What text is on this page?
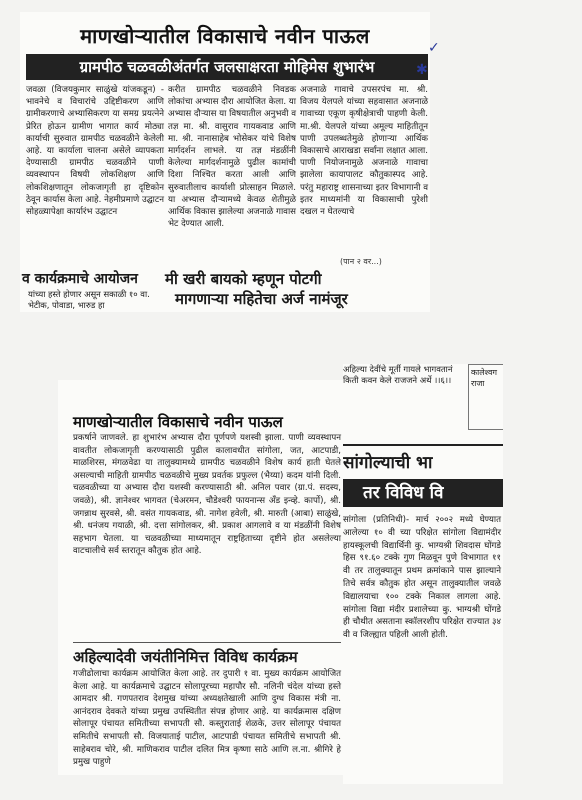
माणखोऱ्यातील विकासाचे नवीन पाऊल
ग्रामपीठ चळवळीअंतर्गत जलसाक्षरता मोहिमेस शुभारंभ
जवळा (विजयकुमार साळुंखे यांजकडून) - भावनेचे व विचारांचे उद्दिष्टीकरण आणि ग्रामीकरणाचे अभ्यासिकरण या समग्र प्रयत्नेने प्रेरित होऊन ग्रामीण भागात कार्य मोठ्या कार्याची सुरुवात ग्रामपीठ चळवळीने केलेली आहे. या कार्याला चालना असेले व्यापकता देण्यासाठी ग्रामपीठ चळवळीने पाणी व्यवस्थापन विषयी लोकशिक्षण आणि लोकशिक्षणातून लोकजागृती हा दृष्टिकोन ठेवून कार्यास केला आहे. नेहमीप्रमाणे उद्घाटन सोहळ्यापेक्षा कार्यारंभ उद्घाटन
करीत ग्रामपीठ चळवळीने निवडक लोकांचा अभ्यास दौरा आयोजित केला. या अभ्यास दौऱ्यास या विषयातील अनुभवी व तज्ञ मा. श्री. वासुराव गायकवाड आणि मा. श्री. नानासाहेब भोसेकर यांचे विशेष मार्गदर्शन लाभले. या तज्ञ मंडळींनी केलेल्या मार्गदर्शनामुळे पुढील कामांची दिशा निश्चित करता आली आणि सुरुवातीलाच कार्याशी प्रोत्साहन मिळाले. या अभ्यास दौऱ्यामध्ये केवळ शेतीमुळे आर्थिक विकास झालेल्या अजनाळे गावास भेट देण्यात आली.
अजनाळे गावाचे उपसरपंच मा. श्री. विजय येलपले यांच्या सहवासात अजनाळे गावाच्या एकूण कृषीक्षेत्राची पाहणी केली. मा.श्री. येलपले यांच्या अमूल्य माहितीतून पाणी उपलब्धतेमुळे होणाऱ्या आर्थिक विकासाचे आराखडा सर्वांना लक्षात आला. पाणी नियोजनामुळे अजनाळे गावाचा झालेला कायापालट कौतुकास्पद आहे. परंतु महाराष्ट्र शासनाच्या इतर विभागानी व इतर माध्यमांनी या विकासाची पुरेशी दखल न घेतल्याचे
(पान २ वर...)
व कार्यक्रमाचे आयोजन
यांच्या हस्ते होणार असून सकाळी १० वा. भेटीक, पोवाडा, भारुड हा
मी खरी बायको म्हणून पोटगी
मागणाऱ्या महितेचा अर्ज नामंजूर
✓
✱
माणखोऱ्यातील विकासाचे नवीन पाऊल
प्रकर्षाने जाणवले. हा शुभारंभ अभ्यास दौरा पूर्णपणे यशस्वी झाला. पाणी व्यवस्थापन वावतीत लोकजागृती करण्यासाठी पुढील कालावधीत सांगोला, जत, आटपाडी, माळशिरस, मंगळवेढा या तालुक्यामध्ये ग्रामपीठ चळवळीने विशेष कार्य हाती घेतले असल्याची माहिती ग्रामपीठ चळवळीचे मुख्य प्रवर्तक प्रफुल्ल (भैय्या) कदम यांनी दिली. चळवळीच्या या अभ्यास दौरा यशस्वी करण्यासाठी श्री. अनिल पवार (ग्रा.पं. सदस्य, जवळे), श्री. ज्ञानेश्वर भागवत (चेअरमन, चौडेश्वरी फायनान्स अँड इन्व्हे. कार्पो), श्री. जगन्नाथ सुरवसे, श्री. वसंत गायकवाड, श्री. नागेश हवेली, श्री. मारुती (आबा) साळुंखे, श्री. धनंजय गयाळी, श्री. दत्ता सांगोलकर, श्री. प्रकाश आगलावे व या मंडळींनी विशेष सहभाग घेतला. या चळवळीच्या माध्यमातून राष्ट्रहिताच्या दृष्टीने होत असलेल्या वाटचालीचे सर्व स्तरातून कौतुक होत आहे.
अहिल्यादेवी जयंतीनिमित्त विविध कार्यक्रम
गजीढोलाचा कार्यक्रम आयोजित केला आहे. तर दुपारी १ वा. मुख्य कार्यक्रम आयोजित केला आहे. या कार्यक्रमाचे उद्घाटन सोलापूरच्या महापौर सौ. नलिनी चंदेल यांच्या हस्ते आमदार श्री. गणपतराव देशमुख यांच्या अध्यक्षतेखाली आणि दुग्ध विकास मंत्री ना. आनंदराव देवकते यांच्या प्रमुख उपस्थितीत संपन्न होणार आहे. या कार्यक्रमास दक्षिण सोलापूर पंचायत समितीच्या सभापती सौ. कस्तुराताई शेळके, उत्तर सोलापूर पंचायत समितीचे सभापती सौ. विजयाताई पाटील, आटपाडी पंचायत समितीचे सभापती श्री. साहेबराव चोरे, श्री. माणिकराव पाटील दलित मित्र कृष्णा साठे आणि ल.ना. श्रीगिरे हे प्रमुख पाहुणे
अहिल्या देवींचे मूर्ती गायले भागवतानं किती कवन केले राजजने अर्थे ।।६।।
कालेश्वग राजा
सांगोल्याची भा
तर विविध वि
सांगोला (प्रतिनिधी)- मार्च २००२ मध्ये घेण्यात आलेल्या १० वी च्या परिक्षेत सांगोला विद्यामंदीर हायस्कूलची विद्यार्थिनी कु. भाग्यश्री शिवदास घोंगडे हिस ९१.६० टक्के गुण मिळवून पुणे विभागात ११ वी तर तालुक्यातून प्रथम क्रमांकाने पास झाल्याने तिचे सर्वत्र कौतुक होत असून तालुक्यातील जवळे विद्यालयाचा १०० टक्के निकाल लागला आहे. सांगोला विद्या मंदीर प्रशालेच्या कु. भाग्यश्री घोंगडे ही चौथीत असताना स्कॉलरशीप परिक्षेत राज्यात ३४ वी व जिल्ह्यात पहिली आली होती.
